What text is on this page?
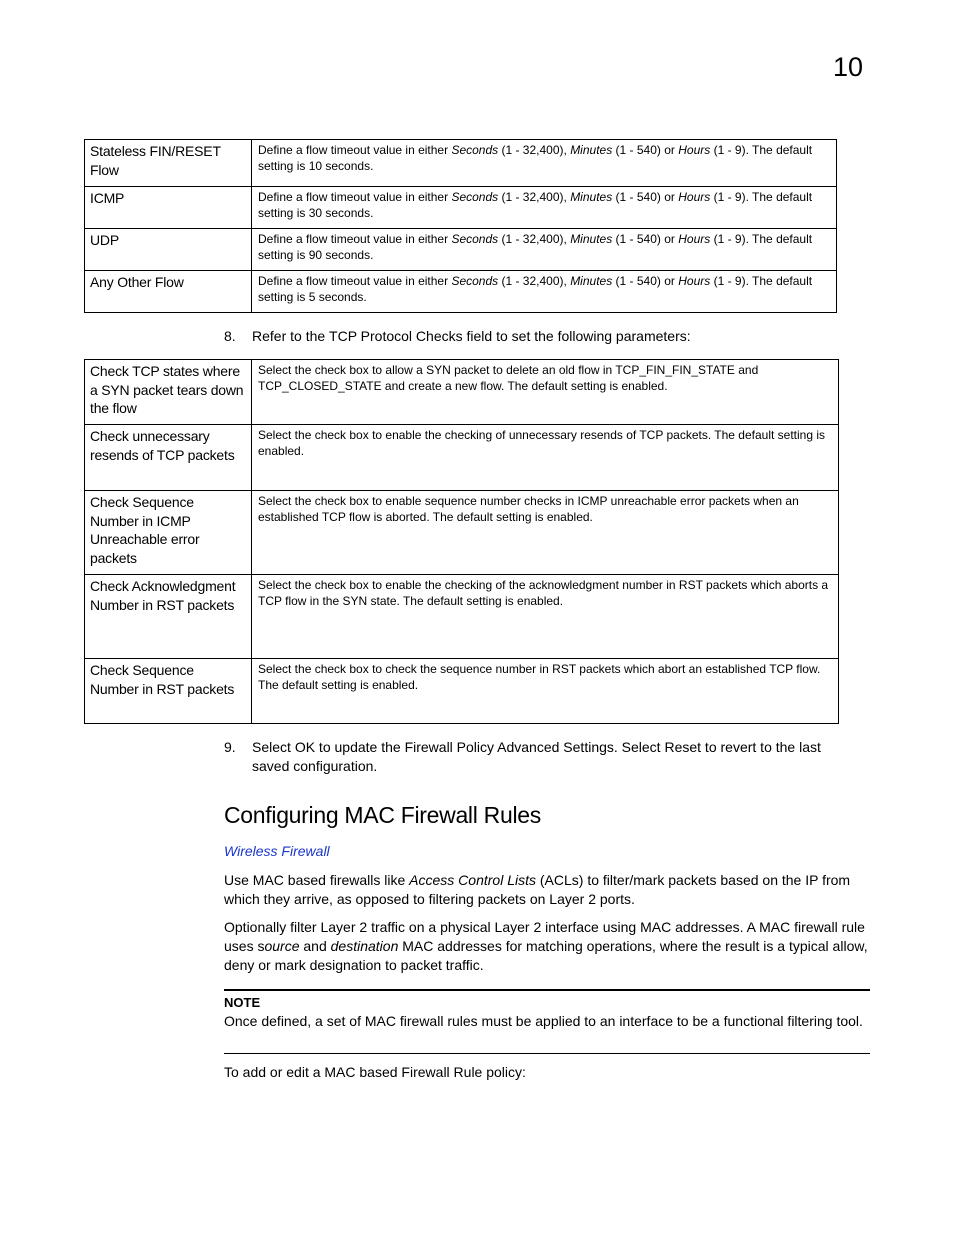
10
Stateless FIN/RESET Flow	Define a flow timeout value in either Seconds (1 - 32,400), Minutes (1 - 540) or Hours (1 - 9). The default setting is 10 seconds.
ICMP	Define a flow timeout value in either Seconds (1 - 32,400), Minutes (1 - 540) or Hours (1 - 9). The default setting is 30 seconds.
UDP	Define a flow timeout value in either Seconds (1 - 32,400), Minutes (1 - 540) or Hours (1 - 9). The default setting is 90 seconds.
Any Other Flow	Define a flow timeout value in either Seconds (1 - 32,400), Minutes (1 - 540) or Hours (1 - 9). The default setting is 5 seconds.
8. Refer to the TCP Protocol Checks field to set the following parameters:
Check TCP states where a SYN packet tears down the flow	Select the check box to allow a SYN packet to delete an old flow in TCP_FIN_FIN_STATE and TCP_CLOSED_STATE and create a new flow. The default setting is enabled.
Check unnecessary resends of TCP packets	Select the check box to enable the checking of unnecessary resends of TCP packets. The default setting is enabled.
Check Sequence Number in ICMP Unreachable error packets	Select the check box to enable sequence number checks in ICMP unreachable error packets when an established TCP flow is aborted. The default setting is enabled.
Check Acknowledgment Number in RST packets	Select the check box to enable the checking of the acknowledgment number in RST packets which aborts a TCP flow in the SYN state. The default setting is enabled.
Check Sequence Number in RST packets	Select the check box to check the sequence number in RST packets which abort an established TCP flow. The default setting is enabled.
9. Select OK to update the Firewall Policy Advanced Settings. Select Reset to revert to the last saved configuration.
Configuring MAC Firewall Rules
Wireless Firewall
Use MAC based firewalls like Access Control Lists (ACLs) to filter/mark packets based on the IP from which they arrive, as opposed to filtering packets on Layer 2 ports.
Optionally filter Layer 2 traffic on a physical Layer 2 interface using MAC addresses. A MAC firewall rule uses source and destination MAC addresses for matching operations, where the result is a typical allow, deny or mark designation to packet traffic.
NOTE
Once defined, a set of MAC firewall rules must be applied to an interface to be a functional filtering tool.
To add or edit a MAC based Firewall Rule policy:
